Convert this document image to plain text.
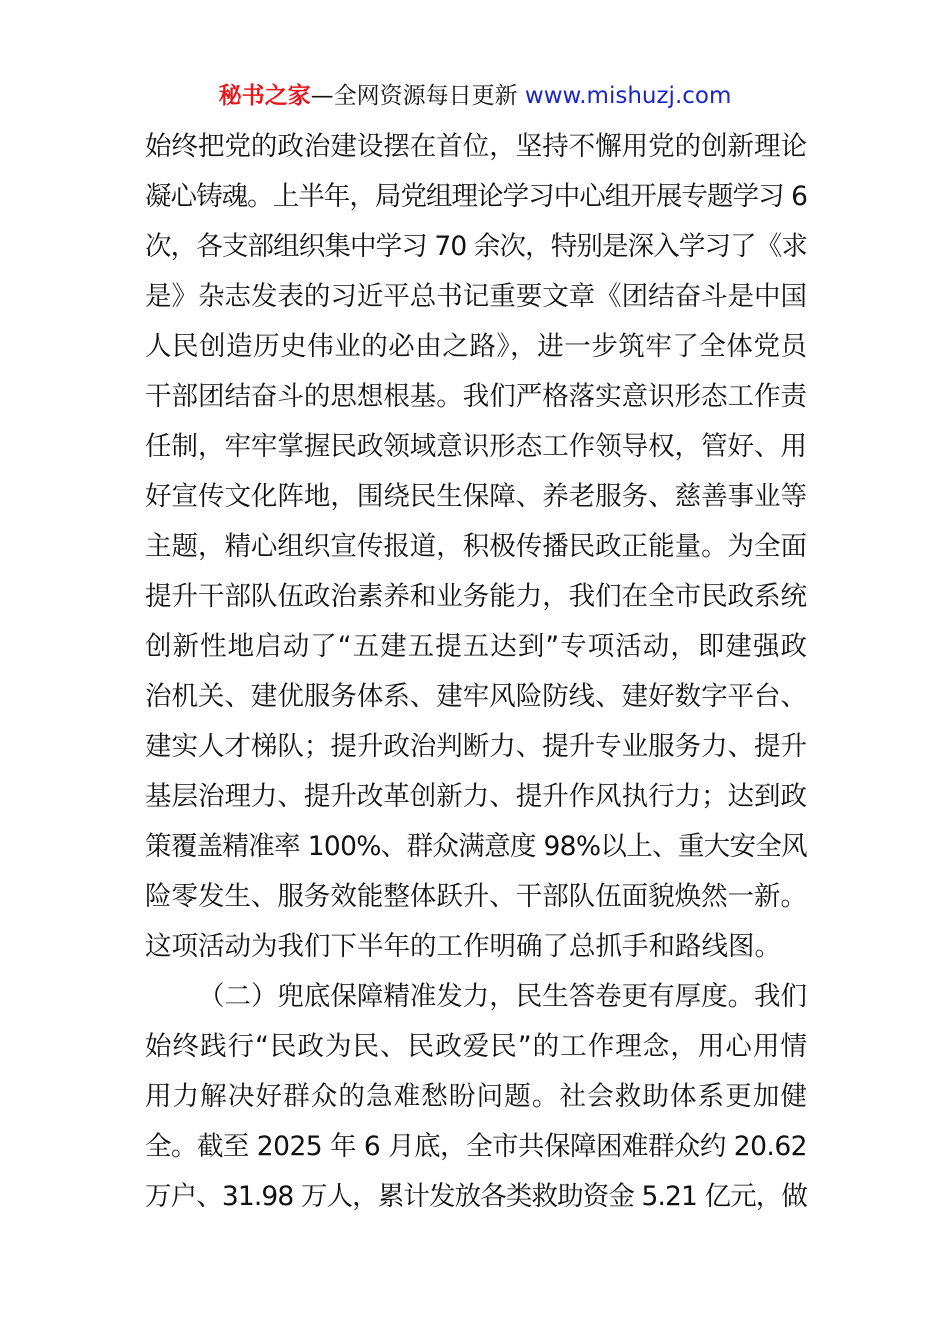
秘书之家—全网资源每日更新 www.mishuzj.com
始终把党的政治建设摆在首位，坚持不懈用党的创新理论
凝心铸魂。上半年，局党组理论学习中心组开展专题学习 6
次，各支部组织集中学习 70 余次，特别是深入学习了《求
是》杂志发表的习近平总书记重要文章《团结奋斗是中国
人民创造历史伟业的必由之路》，进一步筑牢了全体党员
干部团结奋斗的思想根基。我们严格落实意识形态工作责
任制，牢牢掌握民政领域意识形态工作领导权，管好、用
好宣传文化阵地，围绕民生保障、养老服务、慈善事业等
主题，精心组织宣传报道，积极传播民政正能量。为全面
提升干部队伍政治素养和业务能力，我们在全市民政系统
创新性地启动了“五建五提五达到”专项活动，即建强政
治机关、建优服务体系、建牢风险防线、建好数字平台、
建实人才梯队；提升政治判断力、提升专业服务力、提升
基层治理力、提升改革创新力、提升作风执行力；达到政
策覆盖精准率 100%、群众满意度 98%以上、重大安全风
险零发生、服务效能整体跃升、干部队伍面貌焕然一新。
这项活动为我们下半年的工作明确了总抓手和路线图。
（二）兜底保障精准发力，民生答卷更有厚度。我们
始终践行“民政为民、民政爱民”的工作理念，用心用情
用力解决好群众的急难愁盼问题。社会救助体系更加健
全。截至 2025 年 6 月底，全市共保障困难群众约 20.62
万户、31.98 万人，累计发放各类救助资金 5.21 亿元，做
